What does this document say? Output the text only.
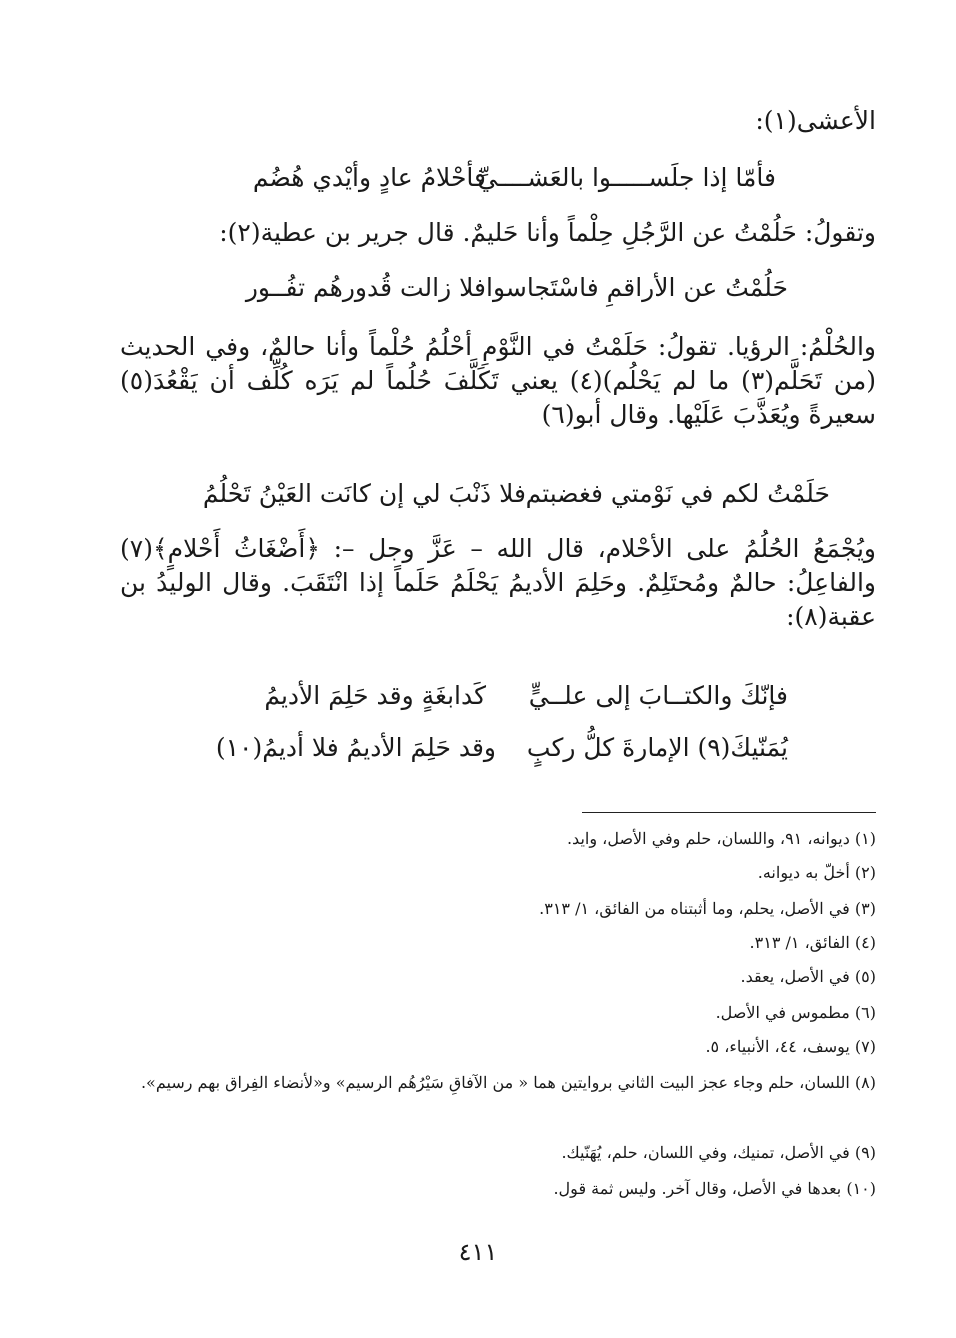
الأعشى(١):

فأمّا إذا جلَســـــوا بالعَشــــيِّ
فأحْلامُ عادٍ وأيْدي هُضُم

وتقولُ: حَلُمْتُ عن الرَّجُلِ حِلْماً وأنا حَليمٌ. قال جرير بن عطية(٢):

حَلُمْتُ عن الأراقمِ فاسْتَجاسوا
فلا زالت قُدورهُم تفُــور

والحُلْمُ: الرؤيا. تقولُ: حَلَمْتُ في النَّوْمِ أحْلُمُ حُلْماً وأنا حالمٌ، وفي الحديث (من تَحَلَّم(٣) ما لم يَحْلُم)(٤) يعني تَكَلَّفَ حُلُماً لم يَرَه كُلِّف أن يَقْعُدَ(٥) سعيرةً ويُعَذَّبَ عَلَيْها. وقال أبو(٦)

حَلَمْتُ لكم في نَوْمتي فغضبتم
فلا ذَنْبَ لي إن كانَت العَيْنُ تَحْلُمُ

ويُجْمَعُ الحُلُمُ على الأحْلام، قال الله – عَزَّ وجل –: ﴿أَضْغَاثُ أَحْلامٍ﴾(٧) والفاعِلُ: حالمٌ ومُحتَلِمٌ. وحَلِمَ الأديمُ يَحْلَمُ حَلَماً إذا انْتَقَبَ. وقال الوليدُ بن عقبة(٨):

فإنّكَ والكتــابَ إلى علــيٍّ
كَدابغَةٍ وقد حَلِمَ الأديمُ
يُمَنّيكَ(٩) الإمارةَ كلُّ ركبٍ
وقد حَلِمَ الأديمُ فلا أديمُ(١٠)

(١) ديوانه، ٩١، واللسان، حلم وفي الأصل، وايد.

(٢) أخلّ به ديوانه.

(٣) في الأصل، يحلم، وما أثبتناه من الفائق، ١/ ٣١٣.

(٤) الفائق، ١/ ٣١٣.

(٥) في الأصل، يعقد.

(٦) مطموس في الأصل.

(٧) يوسف، ٤٤، الأنبياء، ٥.

(٨) اللسان، حلم وجاء عجز البيت الثاني بروايتين هما « من الآفاقِ سَيْرُهُم الرسيم» و«لأنضاء الفِراق بهم رسيم».

(٩) في الأصل، تمنيك، وفي اللسان، حلم، يُهَنّيك.

(١٠) بعدها في الأصل، وقال آخر. وليس ثمة قول.

٤١١
